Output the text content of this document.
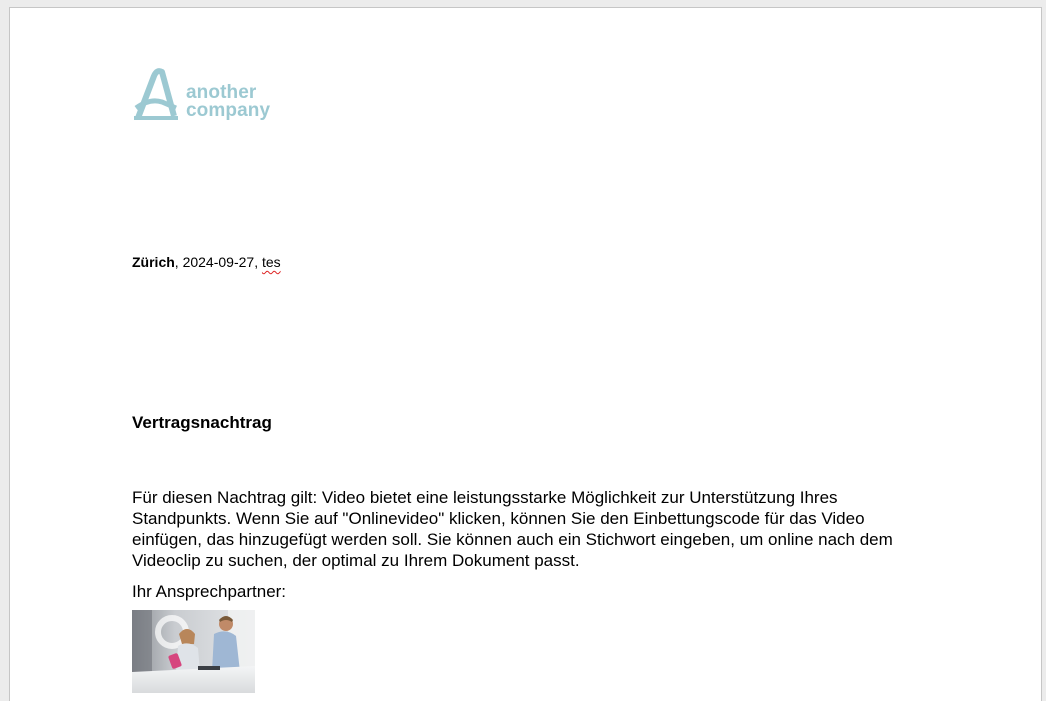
another
company
Zürich, 2024-09-27, tes
Vertragsnachtrag
Für diesen Nachtrag gilt: Video bietet eine leistungsstarke Möglichkeit zur Unterstützung Ihres Standpunkts. Wenn Sie auf "Onlinevideo" klicken, können Sie den Einbettungscode für das Video einfügen, das hinzugefügt werden soll. Sie können auch ein Stichwort eingeben, um online nach dem Videoclip zu suchen, der optimal zu Ihrem Dokument passt.
Ihr Ansprechpartner:
